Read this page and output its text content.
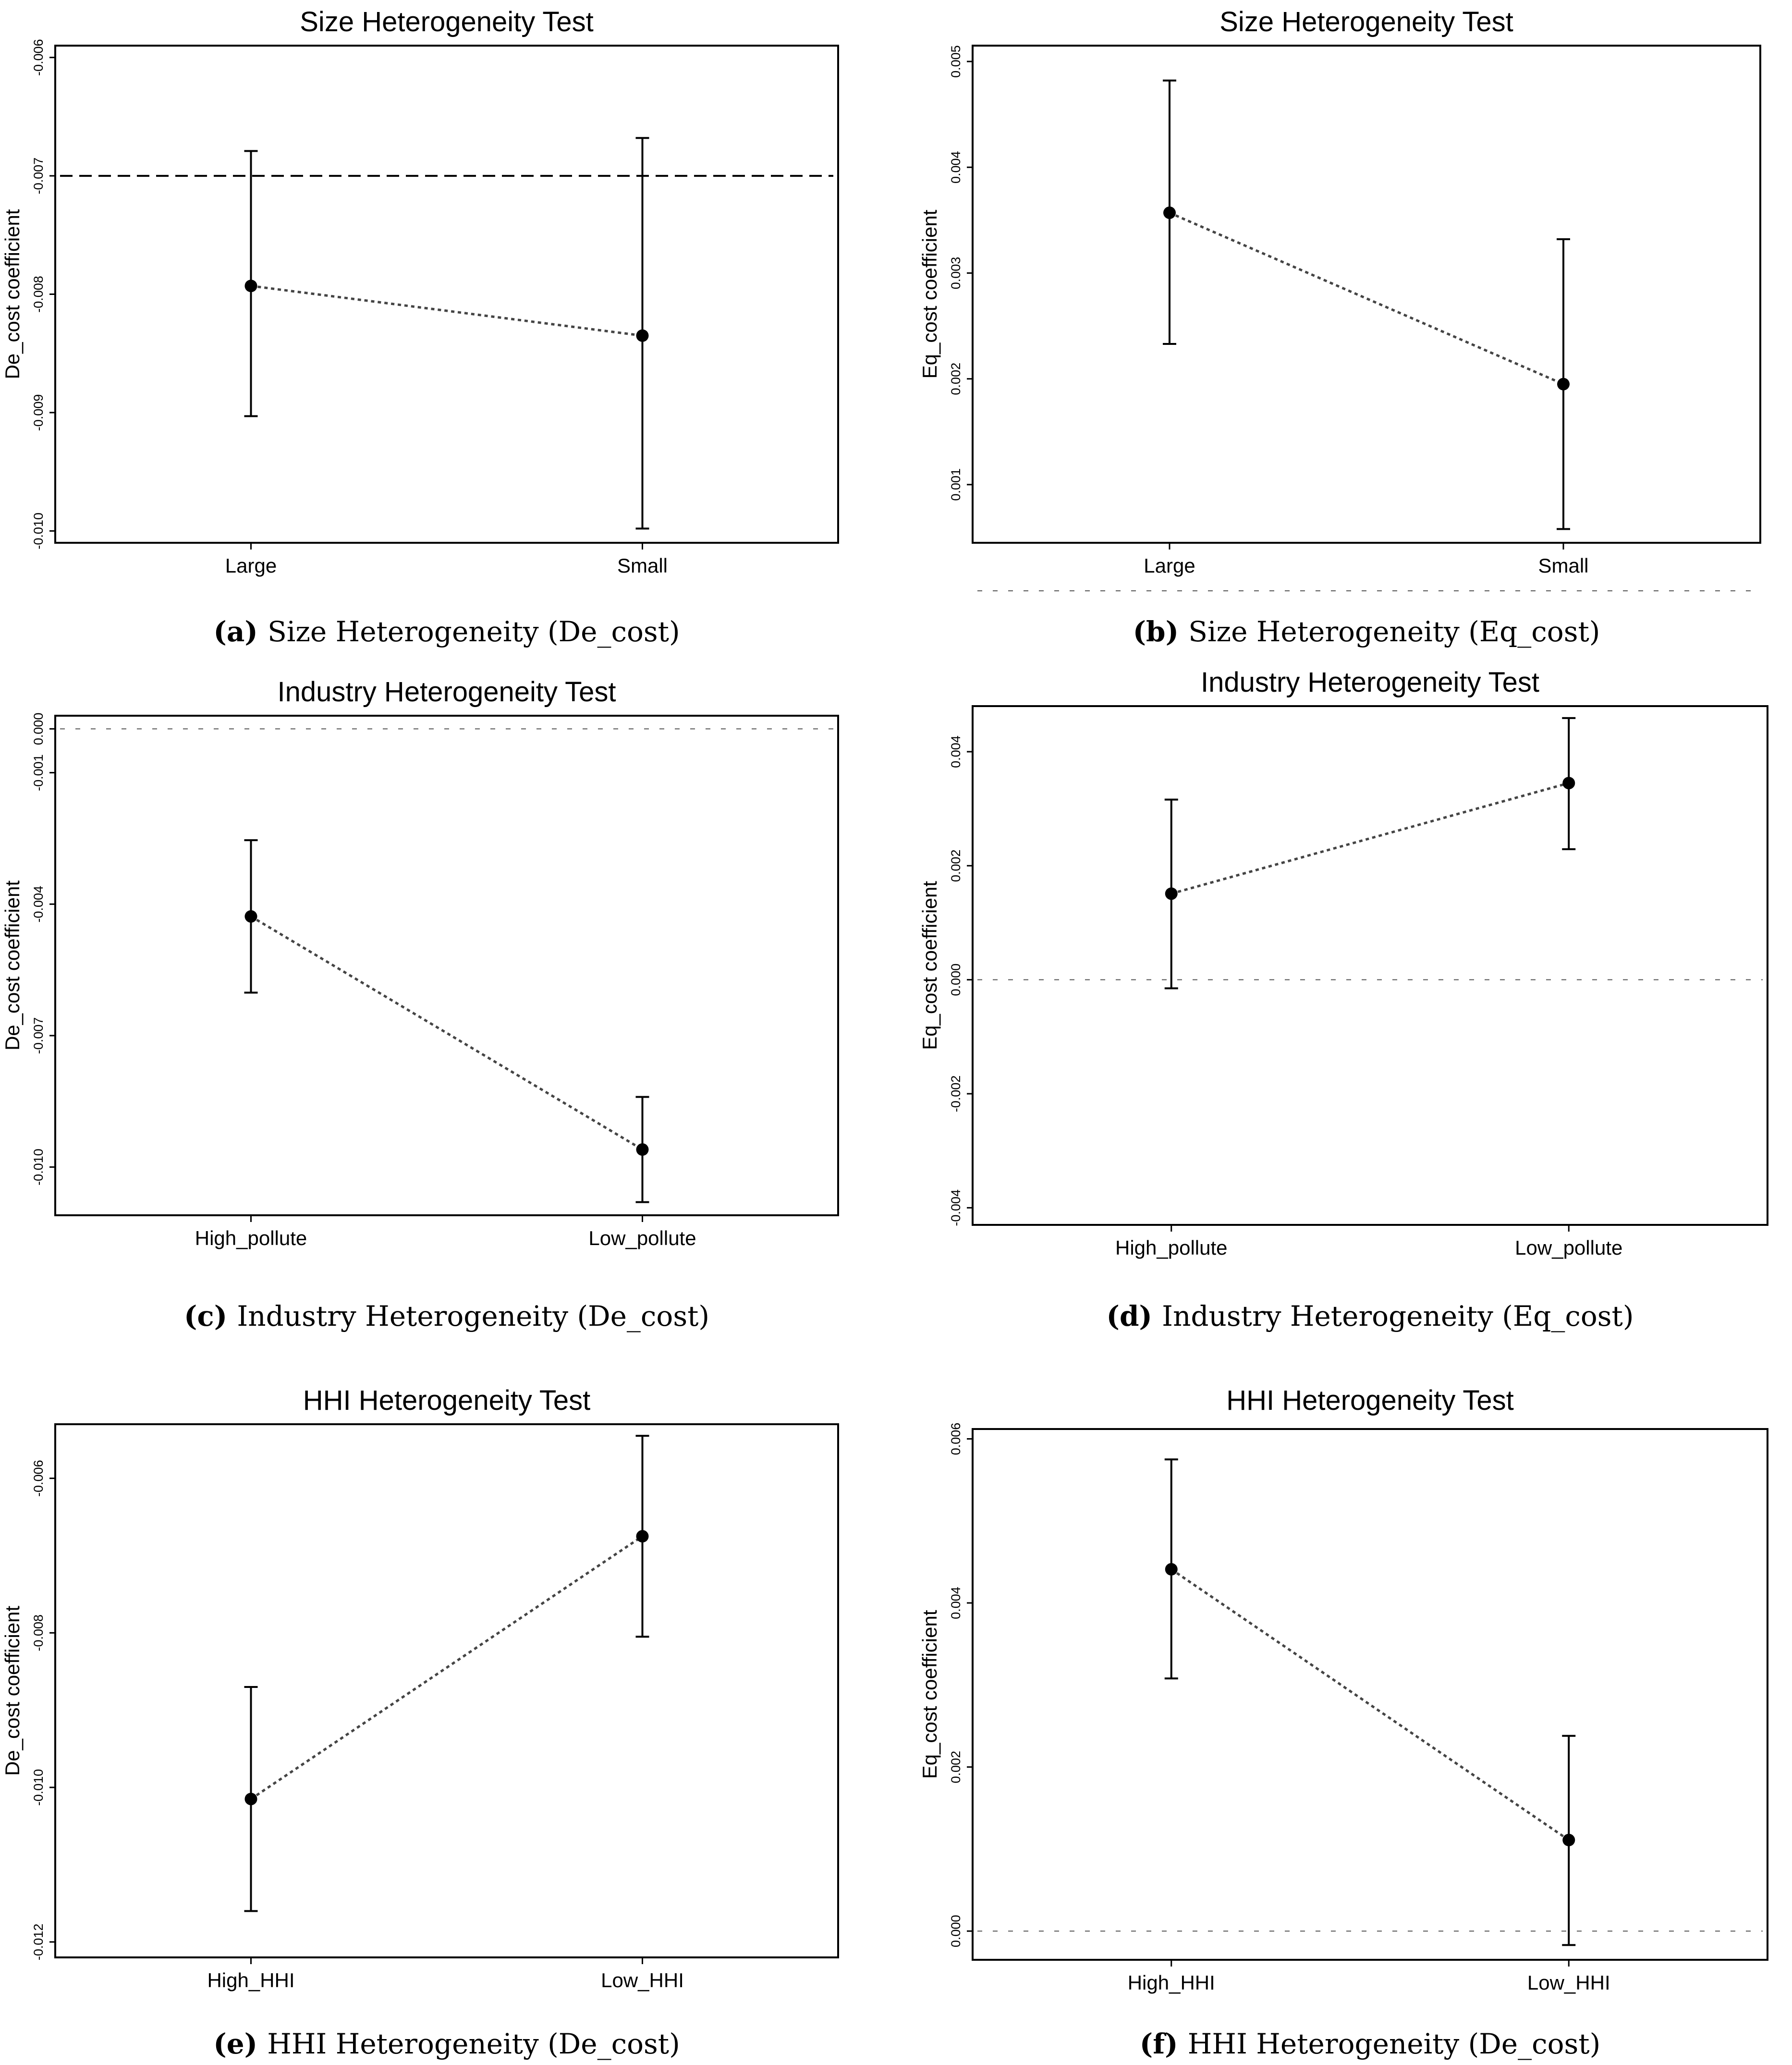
Size Heterogeneity Test
-0.006
-0.007
-0.008
-0.009
-0.010
De_cost coefficient
Large	Small
(a) Size Heterogeneity (De_cost)
Size Heterogeneity Test
0.001
0.002
0.003
0.004
0.005
Eq_cost coefficient
Large	Small
(b) Size Heterogeneity (Eq_cost)
Industry Heterogeneity Test
0.000
-0.001
-0.004
-0.007
-0.010
De_cost coefficient
High_pollute	Low_pollute
(c) Industry Heterogeneity (De_cost)
Industry Heterogeneity Test
-0.004
-0.002
0.000
0.002
0.004
Eq_cost coefficient
High_pollute	Low_pollute
(d) Industry Heterogeneity (Eq_cost)
HHI Heterogeneity Test
-0.006
-0.008
-0.010
-0.012
De_cost coefficient
High_HHI	Low_HHI
(e) HHI Heterogeneity (De_cost)
HHI Heterogeneity Test
0.000
0.002
0.004
0.006
Eq_cost coefficient
High_HHI	Low_HHI
(f) HHI Heterogeneity (De_cost)
